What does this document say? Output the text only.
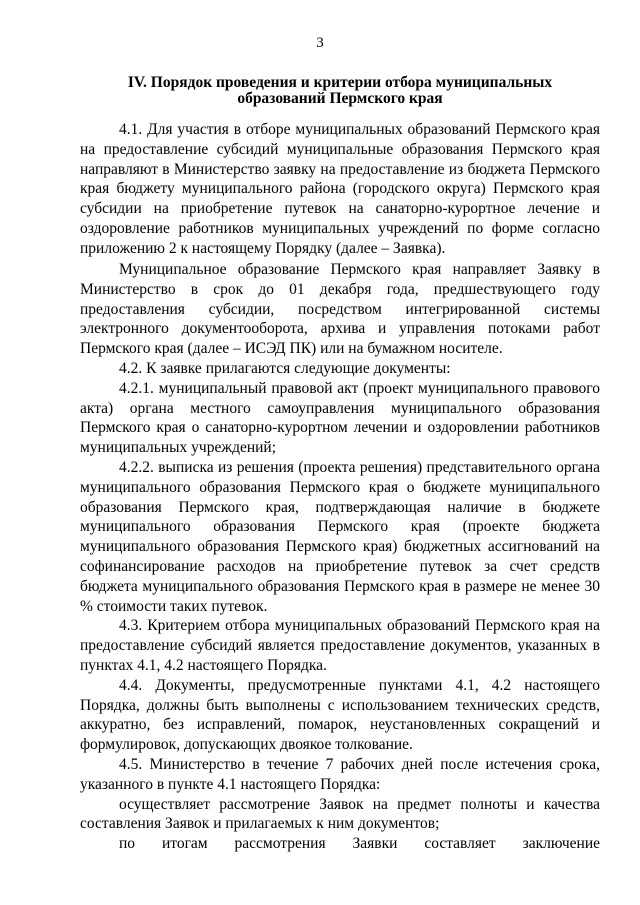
3
IV. Порядок проведения и критерии отбора муниципальных
образований Пермского края

4.1. Для участия в отборе муниципальных образований Пермского края на предоставление субсидий муниципальные образования Пермского края направляют в Министерство заявку на предоставление из бюджета Пермского края бюджету муниципального района (городского округа) Пермского края субсидии на приобретение путевок на санаторно-курортное лечение и оздоровление работников муниципальных учреждений по форме согласно приложению 2 к настоящему Порядку (далее – Заявка).

Муниципальное образование Пермского края направляет Заявку в Министерство в срок до 01 декабря года, предшествующего году предоставления субсидии, посредством интегрированной системы электронного документооборота, архива и управления потоками работ Пермского края (далее – ИСЭД ПК) или на бумажном носителе.

4.2. К заявке прилагаются следующие документы:

4.2.1. муниципальный правовой акт (проект муниципального правового акта) органа местного самоуправления муниципального образования Пермского края о санаторно-курортном лечении и оздоровлении работников муниципальных учреждений;

4.2.2. выписка из решения (проекта решения) представительного органа муниципального образования Пермского края о бюджете муниципального образования Пермского края, подтверждающая наличие в бюджете муниципального образования Пермского края (проекте бюджета муниципального образования Пермского края) бюджетных ассигнований на софинансирование расходов на приобретение путевок за счет средств бюджета муниципального образования Пермского края в размере не менее 30 % стоимости таких путевок.

4.3. Критерием отбора муниципальных образований Пермского края на предоставление субсидий является предоставление документов, указанных в пунктах 4.1, 4.2 настоящего Порядка.

4.4. Документы, предусмотренные пунктами 4.1, 4.2 настоящего Порядка, должны быть выполнены с использованием технических средств, аккуратно, без исправлений, помарок, неустановленных сокращений и формулировок, допускающих двоякое толкование.

4.5. Министерство в течение 7 рабочих дней после истечения срока, указанного в пункте 4.1 настоящего Порядка:

осуществляет рассмотрение Заявок на предмет полноты и качества составления Заявок и прилагаемых к ним документов;

по итогам рассмотрения Заявки составляет заключение
